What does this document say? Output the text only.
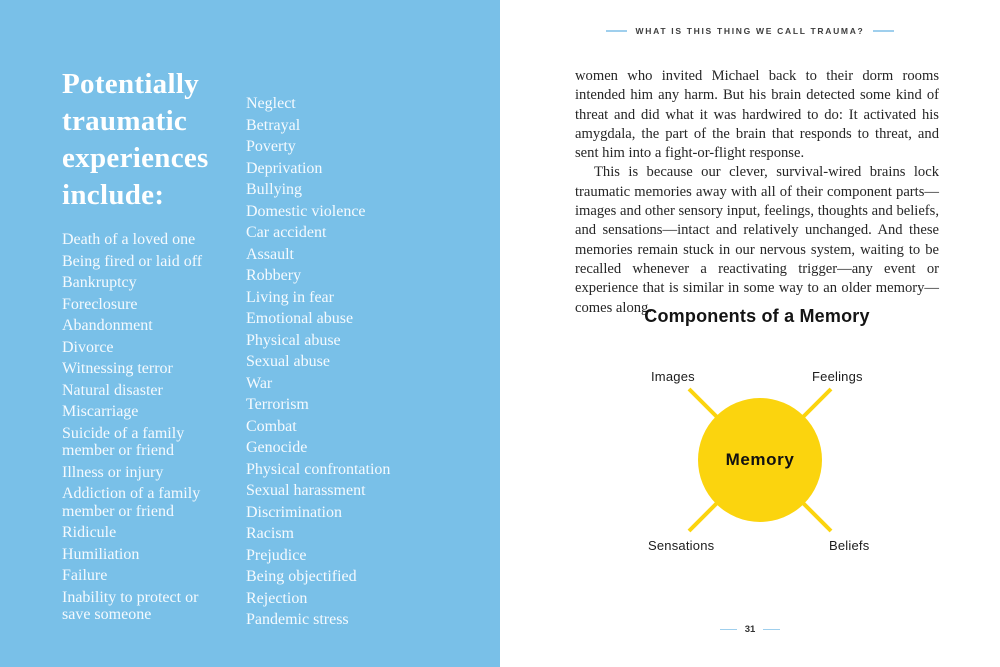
Potentially traumatic experiences include:
Death of a loved one
Being fired or laid off
Bankruptcy
Foreclosure
Abandonment
Divorce
Witnessing terror
Natural disaster
Miscarriage
Suicide of a family member or friend
Illness or injury
Addiction of a family member or friend
Ridicule
Humiliation
Failure
Inability to protect or save someone
Neglect
Betrayal
Poverty
Deprivation
Bullying
Domestic violence
Car accident
Assault
Robbery
Living in fear
Emotional abuse
Physical abuse
Sexual abuse
War
Terrorism
Combat
Genocide
Physical confrontation
Sexual harassment
Discrimination
Racism
Prejudice
Being objectified
Rejection
Pandemic stress
WHAT IS THIS THING WE CALL TRAUMA?

women who invited Michael back to their dorm rooms intended him any harm. But his brain detected some kind of threat and did what it was hardwired to do: It activated his amygdala, the part of the brain that responds to threat, and sent him into a fight-or-flight response.

This is because our clever, survival-wired brains lock traumatic memories away with all of their component parts—images and other sensory input, feelings, thoughts and beliefs, and sensations—intact and relatively unchanged. And these memories remain stuck in our nervous system, waiting to be recalled whenever a reactivating trigger—any event or experience that is similar in some way to an older memory—comes along.

Components of a Memory
Memory
Images	Feelings
Sensations	Beliefs
31
